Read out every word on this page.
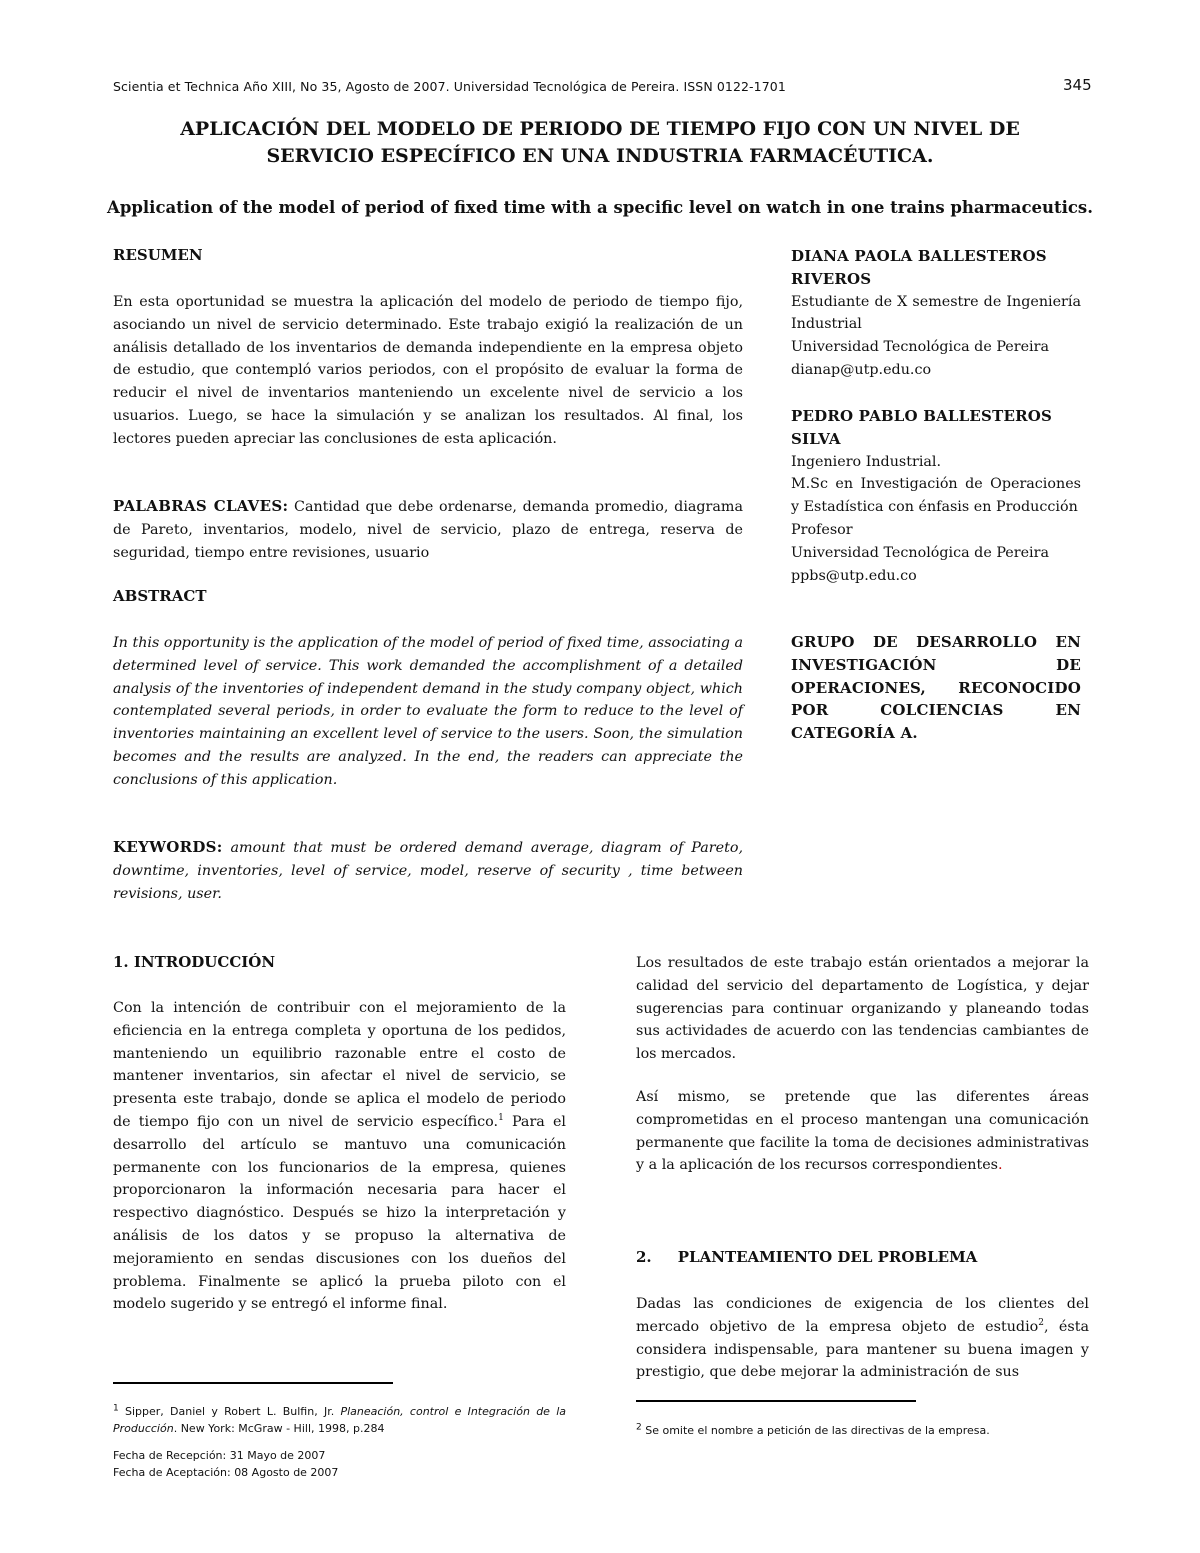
Scientia et Technica Año XIII, No 35, Agosto de 2007. Universidad Tecnológica de Pereira. ISSN 0122-1701	345
APLICACIÓN DEL MODELO DE PERIODO DE TIEMPO FIJO CON UN NIVEL DE
SERVICIO ESPECÍFICO EN UNA INDUSTRIA FARMACÉUTICA.
Application of the model of period of fixed time with a specific level on watch in one trains pharmaceutics.
RESUMEN
En esta oportunidad se muestra la aplicación del modelo de periodo de tiempo fijo, asociando un nivel de servicio determinado. Este trabajo exigió la realización de un análisis detallado de los inventarios de demanda independiente en la empresa objeto de estudio, que contempló varios periodos, con el propósito de evaluar la forma de reducir el nivel de inventarios manteniendo un excelente nivel de servicio a los usuarios. Luego, se hace la simulación y se analizan los resultados. Al final, los lectores pueden apreciar las conclusiones de esta aplicación.
PALABRAS CLAVES: Cantidad que debe ordenarse, demanda promedio, diagrama de Pareto, inventarios, modelo, nivel de servicio, plazo de entrega, reserva de seguridad, tiempo entre revisiones, usuario
ABSTRACT
In this opportunity is the application of the model of period of fixed time, associating a determined level of service. This work demanded the accomplishment of a detailed analysis of the inventories of independent demand in the study company object, which contemplated several periods, in order to evaluate the form to reduce to the level of inventories maintaining an excellent level of service to the users. Soon, the simulation becomes and the results are analyzed. In the end, the readers can appreciate the conclusions of this application.
KEYWORDS: amount that must be ordered demand average, diagram of Pareto, downtime, inventories, level of service, model, reserve of security , time between revisions, user.
DIANA PAOLA BALLESTEROS RIVEROS
Estudiante de X semestre de Ingeniería Industrial
Universidad Tecnológica de Pereira
dianap@utp.edu.co
PEDRO PABLO BALLESTEROS SILVA
Ingeniero Industrial.
M.Sc en Investigación de Operaciones y Estadística con énfasis en Producción
Profesor
Universidad Tecnológica de Pereira
ppbs@utp.edu.co
GRUPO DE DESARROLLO EN INVESTIGACIÓN DE OPERACIONES, RECONOCIDO POR COLCIENCIAS EN CATEGORÍA A.
1. INTRODUCCIÓN
Con la intención de contribuir con el mejoramiento de la eficiencia en la entrega completa y oportuna de los pedidos, manteniendo un equilibrio razonable entre el costo de mantener inventarios, sin afectar el nivel de servicio, se presenta este trabajo, donde se aplica el modelo de periodo de tiempo fijo con un nivel de servicio específico.$^1$ Para el desarrollo del artículo se mantuvo una comunicación permanente con los funcionarios de la empresa, quienes proporcionaron la información necesaria para hacer el respectivo diagnóstico. Después se hizo la interpretación y análisis de los datos y se propuso la alternativa de mejoramiento en sendas discusiones con los dueños del problema. Finalmente se aplicó la prueba piloto con el modelo sugerido y se entregó el informe final.
Los resultados de este trabajo están orientados a mejorar la calidad del servicio del departamento de Logística, y dejar sugerencias para continuar organizando y planeando todas sus actividades de acuerdo con las tendencias cambiantes de los mercados.
Así mismo, se pretende que las diferentes áreas comprometidas en el proceso mantengan una comunicación permanente que facilite la toma de decisiones administrativas y a la aplicación de los recursos correspondientes.
2.     PLANTEAMIENTO DEL PROBLEMA
Dadas las condiciones de exigencia de los clientes del mercado objetivo de la empresa objeto de estudio$^2$, ésta considera indispensable, para mantener su buena imagen y prestigio, que debe mejorar la administración de sus
$^1$ Sipper, Daniel y Robert L. Bulfin, Jr. Planeación, control e Integración de la Producción. New York: McGraw - Hill, 1998, p.284
Fecha de Recepción: 31 Mayo de 2007
Fecha de Aceptación: 08 Agosto de 2007
$^2$ Se omite el nombre a petición de las directivas de la empresa.
